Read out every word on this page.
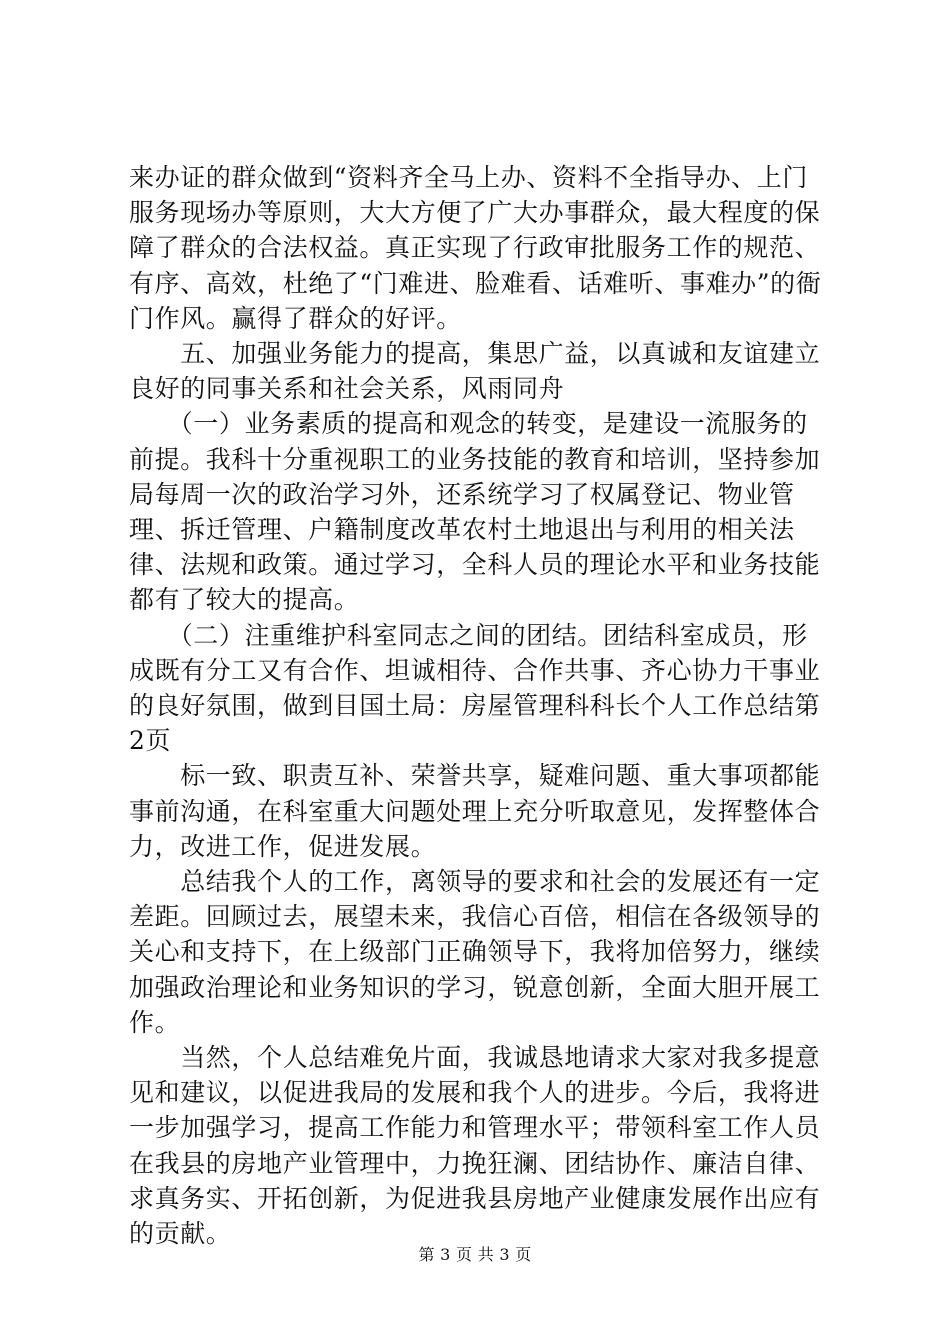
来办证的群众做到“资料齐全马上办、资料不全指导办、上门服务现场办等原则，大大方便了广大办事群众，最大程度的保障了群众的合法权益。真正实现了行政审批服务工作的规范、有序、高效，杜绝了“门难进、脸难看、话难听、事难办”的衙门作风。赢得了群众的好评。

　　五、加强业务能力的提高，集思广益，以真诚和友谊建立良好的同事关系和社会关系，风雨同舟

　　（一）业务素质的提高和观念的转变，是建设一流服务的前提。我科十分重视职工的业务技能的教育和培训，坚持参加局每周一次的政治学习外，还系统学习了权属登记、物业管理、拆迁管理、户籍制度改革农村土地退出与利用的相关法律、法规和政策。通过学习，全科人员的理论水平和业务技能都有了较大的提高。

　　（二）注重维护科室同志之间的团结。团结科室成员，形成既有分工又有合作、坦诚相待、合作共事、齐心协力干事业的良好氛围，做到目国土局：房屋管理科科长个人工作总结第2页

　　标一致、职责互补、荣誉共享，疑难问题、重大事项都能事前沟通，在科室重大问题处理上充分听取意见，发挥整体合力，改进工作，促进发展。

　　总结我个人的工作，离领导的要求和社会的发展还有一定差距。回顾过去，展望未来，我信心百倍，相信在各级领导的关心和支持下，在上级部门正确领导下，我将加倍努力，继续加强政治理论和业务知识的学习，锐意创新，全面大胆开展工作。

　　当然，个人总结难免片面，我诚恳地请求大家对我多提意见和建议，以促进我局的发展和我个人的进步。今后，我将进一步加强学习，提高工作能力和管理水平；带领科室工作人员在我县的房地产业管理中，力挽狂澜、团结协作、廉洁自律、求真务实、开拓创新，为促进我县房地产业健康发展作出应有的贡献。

第 3 页 共 3 页
